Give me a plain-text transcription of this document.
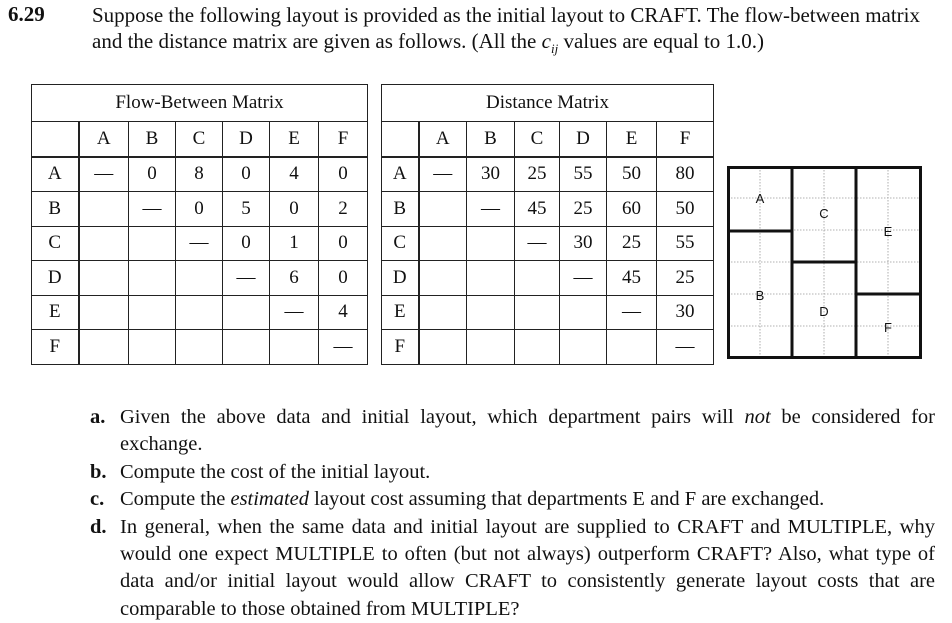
6.29 Suppose the following layout is provided as the initial layout to CRAFT. The flow-between matrix and the distance matrix are given as follows. (All the $c_{ij}$ values are equal to 1.0.)
Flow-Between Matrix						
	A	B	C	D	E	F
A	—	0	8	0	4	0
B		—	0	5	0	2
C			—	0	1	0
D				—	6	0
E					—	4
F						—
Distance Matrix						
	A	B	C	D	E	F
A	—	30	25	55	50	80
B		—	45	25	60	50
C			—	30	25	55
D				—	45	25
E					—	30
F						—
A
B
C
D
E
F
a. Given the above data and initial layout, which department pairs will not be considered for exchange.
b. Compute the cost of the initial layout.
c. Compute the estimated layout cost assuming that departments E and F are exchanged.
d. In general, when the same data and initial layout are supplied to CRAFT and MULTIPLE, why would one expect MULTIPLE to often (but not always) outperform CRAFT? Also, what type of data and/or initial layout would allow CRAFT to consistently generate layout costs that are comparable to those obtained from MULTIPLE?
